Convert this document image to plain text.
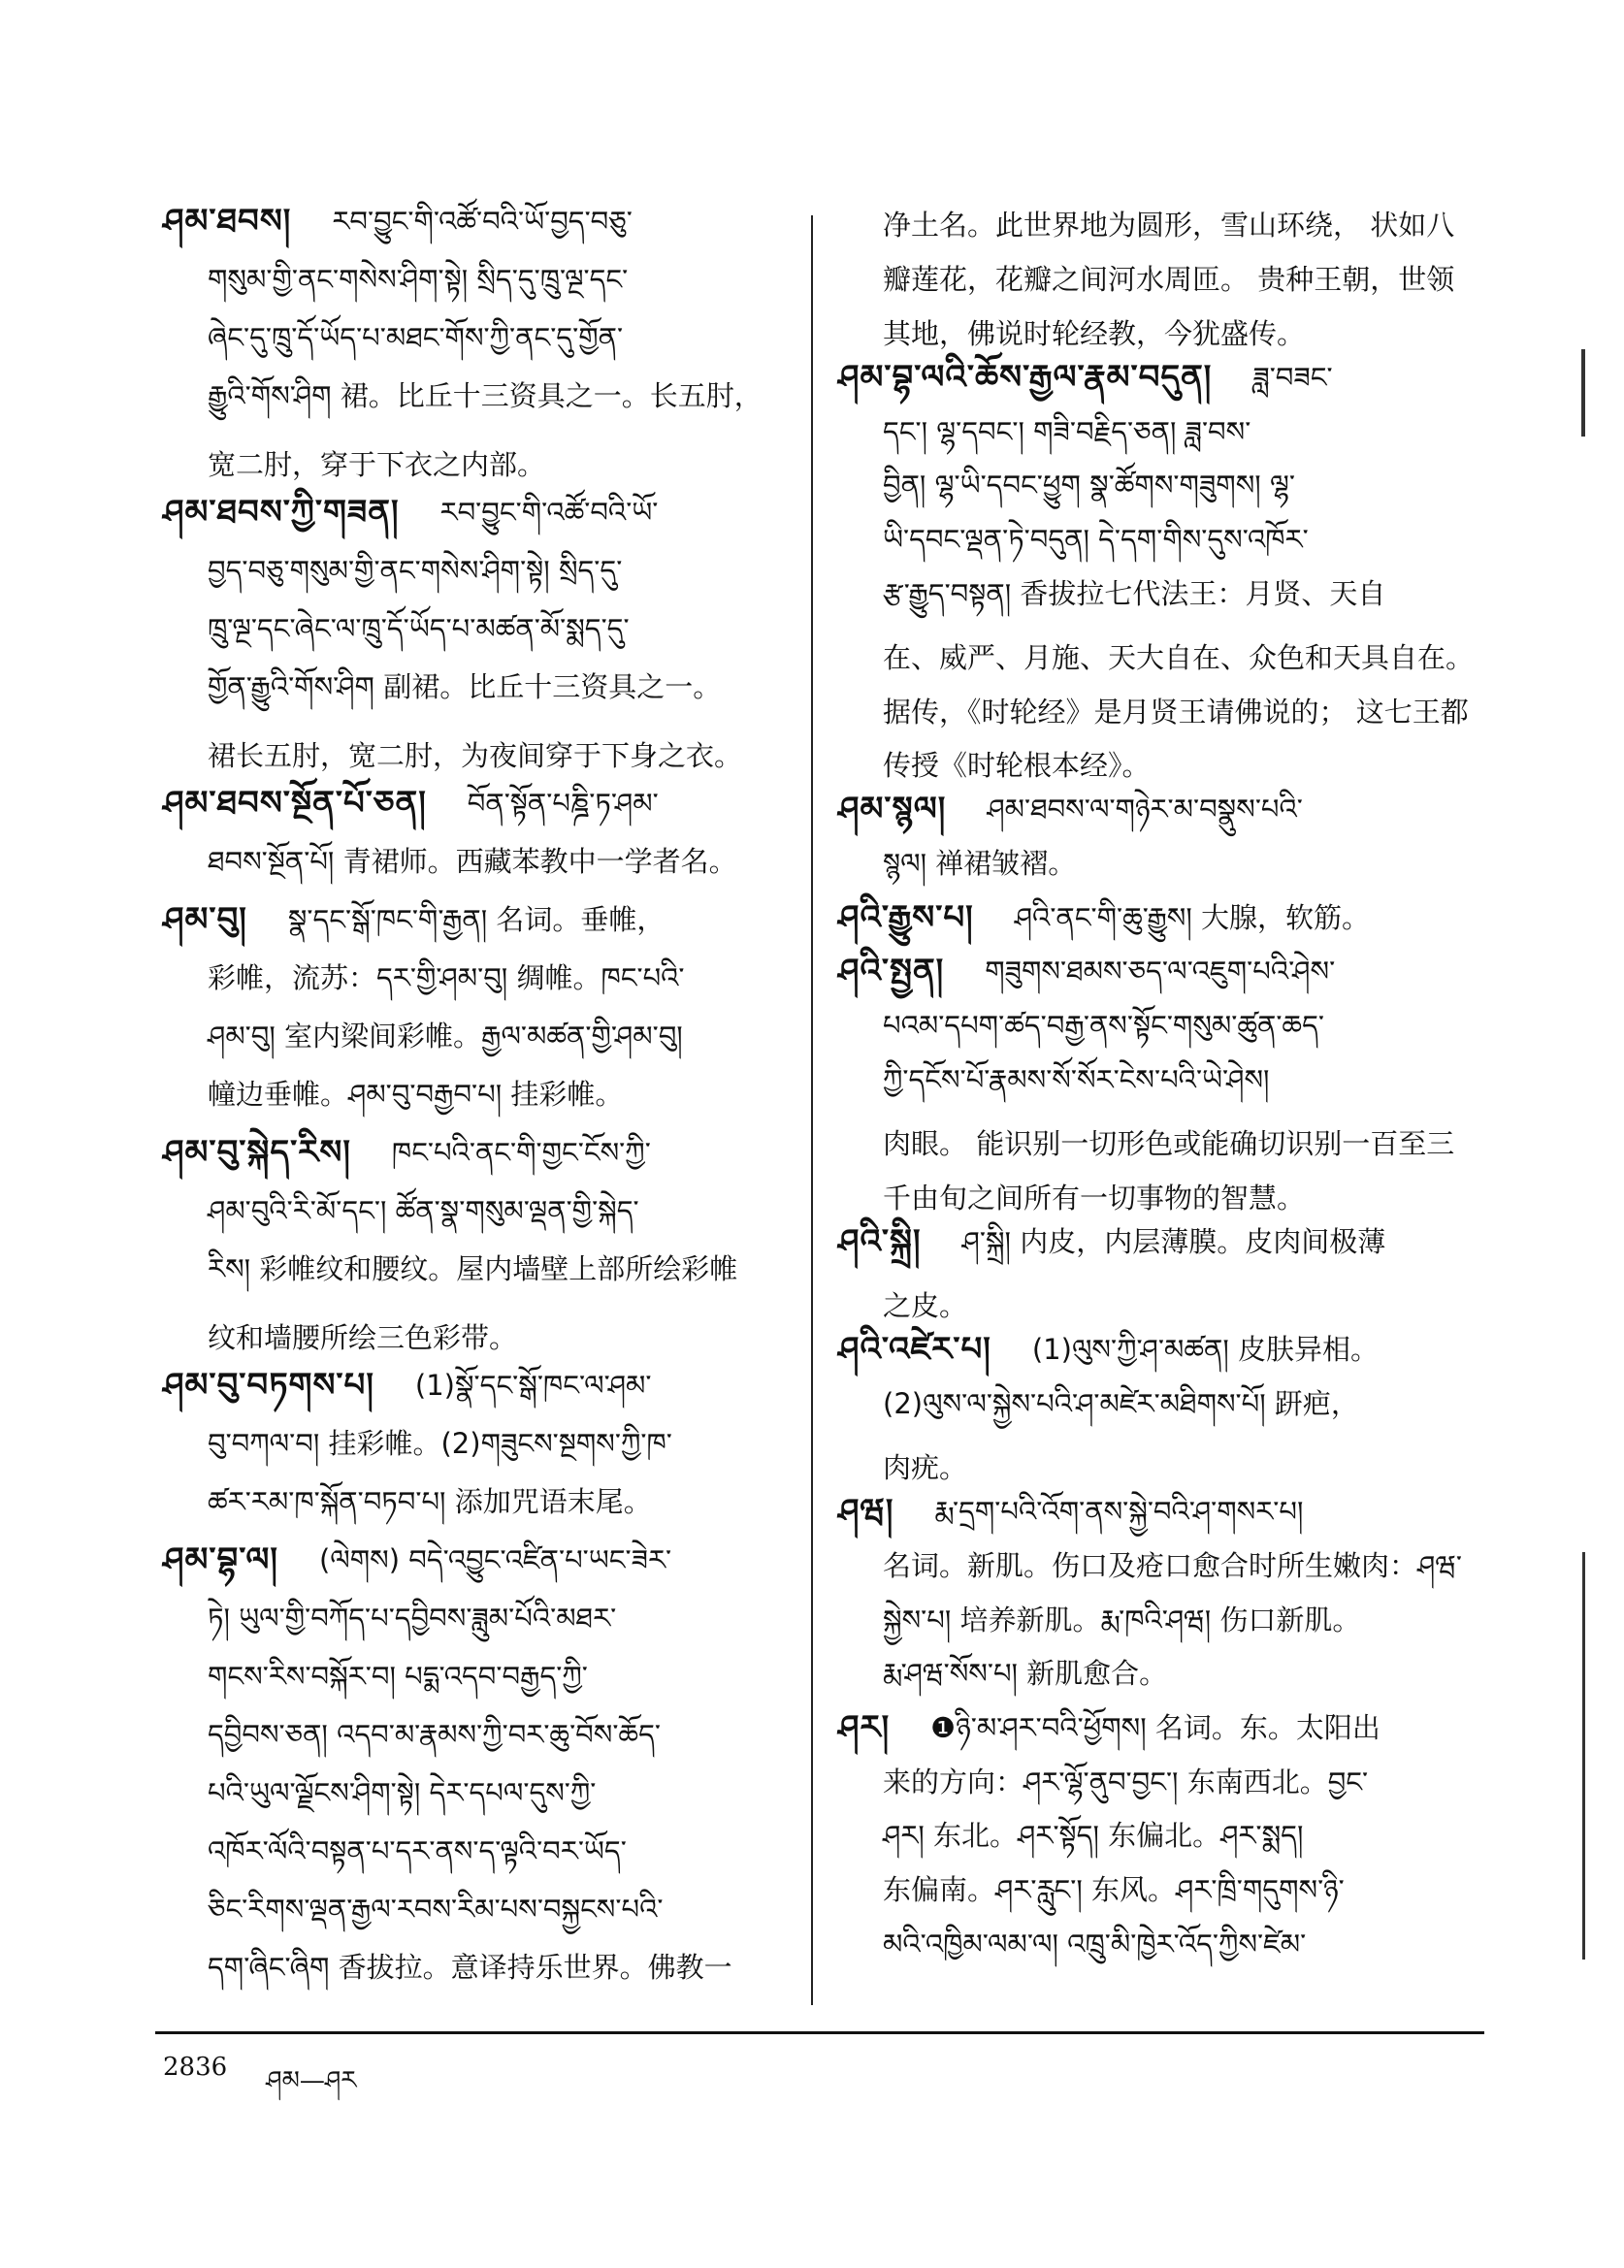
ཤམ་ཐབས། རབ་བྱུང་གི་འཚོ་བའི་ཡོ་བྱད་བཅུ་
གསུམ་གྱི་ནང་གསེས་ཤིག་སྟེ། སྲིད་དུ་ཁྲུ་ལྔ་དང་
ཞེང་དུ་ཁྲུ་དོ་ཡོད་པ་མཐང་གོས་ཀྱི་ནང་དུ་གྱོན་
རྒྱུའི་གོས་ཤིག 裙。比丘十三资具之一。长五肘，
宽二肘，穿于下衣之内部。
ཤམ་ཐབས་ཀྱི་གཟན། རབ་བྱུང་གི་འཚོ་བའི་ཡོ་
བྱད་བཅུ་གསུམ་གྱི་ནང་གསེས་ཤིག་སྟེ། སྲིད་དུ་
ཁྲུ་ལྔ་དང་ཞེང་ལ་ཁྲུ་དོ་ཡོད་པ་མཚན་མོ་སྨད་དུ་
གྱོན་རྒྱུའི་གོས་ཤིག 副裙。比丘十三资具之一。
裙长五肘，宽二肘，为夜间穿于下身之衣。
ཤམ་ཐབས་སྔོན་པོ་ཅན། བོན་སྟོན་པཎྜི་ཏ་ཤམ་
ཐབས་སྔོན་པོ། 青裙师。西藏苯教中一学者名。
ཤམ་བུ། སྣ་དང་སྒོ་ཁང་གི་རྒྱན། 名词。垂帷，
彩帷，流苏：དར་གྱི་ཤམ་བུ། 绸帷。ཁང་པའི་
ཤམ་བུ། 室内梁间彩帷。རྒྱལ་མཚན་གྱི་ཤམ་བུ།
幢边垂帷。ཤམ་བུ་བརྒྱབ་པ། 挂彩帷。
ཤམ་བུ་སྐེད་རིས། ཁང་པའི་ནང་གི་གྱང་ངོས་ཀྱི་
ཤམ་བུའི་རི་མོ་དང་། ཚོན་སྣ་གསུམ་ལྡན་གྱི་སྐེད་
རིས། 彩帷纹和腰纹。屋内墙壁上部所绘彩帷
纹和墙腰所绘三色彩带。
ཤམ་བུ་བཏགས་པ། (1)སྣོ་དང་སྒོ་ཁང་ལ་ཤམ་
བུ་བཀལ་བ། 挂彩帷。(2)གཟུངས་སྔགས་ཀྱི་ཁ་
ཚར་རམ་ཁ་སྐོན་བཏབ་པ། 添加咒语末尾。
ཤམ་བྷ་ལ། (ལེགས) བདེ་འབྱུང་འཛིན་པ་ཡང་ཟེར་
ཏེ། ཡུལ་གྱི་བཀོད་པ་དབྱིབས་ཟླུམ་པོའི་མཐར་
གངས་རིས་བསྐོར་བ། པདྨ་འདབ་བརྒྱད་ཀྱི་
དབྱིབས་ཅན། འདབ་མ་རྣམས་ཀྱི་བར་ཆུ་བོས་ཆོད་
པའི་ཡུལ་ལྗོངས་ཤིག་སྟེ། དེར་དཔལ་དུས་ཀྱི་
འཁོར་ལོའི་བསྟན་པ་དར་ནས་ད་ལྟའི་བར་ཡོད་
ཅིང་རིགས་ལྡན་རྒྱལ་རབས་རིམ་པས་བསྐྱངས་པའི་
དག་ཞིང་ཞིག 香拔拉。意译持乐世界。佛教一
净土名。此世界地为圆形，雪山环绕， 状如八
瓣莲花，花瓣之间河水周匝。 贵种王朝，世领
其地，佛说时轮经教，今犹盛传。
ཤམ་བྷ་ལའི་ཆོས་རྒྱལ་རྣམ་བདུན། ཟླ་བཟང་
དང་། ལྷ་དབང་། གཟི་བརྗིད་ཅན། ཟླ་བས་
བྱིན། ལྷ་ཡི་དབང་ཕྱུག སྣ་ཚོགས་གཟུགས། ལྷ་
ཡི་དབང་ལྡན་ཏེ་བདུན། དེ་དག་གིས་དུས་འཁོར་
རྩ་རྒྱུད་བསྟན། 香拔拉七代法王：月贤、天自
在、威严、月施、天大自在、众色和天具自在。
据传，《时轮经》是月贤王请佛说的； 这七王都
传授《时轮根本经》。
ཤམ་སྙལ། ཤམ་ཐབས་ལ་གཉེར་མ་བསྣུས་པའི་
སྙལ། 禅裙皱褶。
ཤའི་རྒྱུས་པ། ཤའི་ནང་གི་ཆུ་རྒྱུས། 大腺，软筋。
ཤའི་སྤྱན། གཟུགས་ཐམས་ཅད་ལ་འཇུག་པའི་ཤེས་
པའམ་དཔག་ཚད་བརྒྱ་ནས་སྟོང་གསུམ་ཚུན་ཆད་
ཀྱི་དངོས་པོ་རྣམས་སོ་སོར་ངེས་པའི་ཡེ་ཤེས།
肉眼。 能识别一切形色或能确切识别一百至三
千由旬之间所有一切事物的智慧。
ཤའི་སྐྲི། ཤ་སྐྲི། 内皮，内层薄膜。皮肉间极薄
之皮。
ཤའི་འཛེར་པ། (1)ལུས་ཀྱི་ཤ་མཚན། 皮肤异相。
(2)ལུས་ལ་སྐྱེས་པའི་ཤ་མཛེར་མཐིགས་པོ། 趼疤，
肉疣。
ཤཝ། རྨ་དྲག་པའི་འོག་ནས་སྐྱེ་བའི་ཤ་གསར་པ།
名词。新肌。伤口及疮口愈合时所生嫩肉：ཤཝ་
སྐྱེས་པ། 培养新肌。རྨ་ཁའི་ཤཝ། 伤口新肌。
རྨ་ཤཝ་སོས་པ། 新肌愈合。
ཤར། ❶ཉི་མ་ཤར་བའི་ཕྱོགས། 名词。东。太阳出
来的方向：ཤར་ལྷོ་ནུབ་བྱང་། 东南西北。བྱང་
ཤར། 东北。ཤར་སྟོད། 东偏北。ཤར་སྨད།
东偏南。ཤར་རླུང་། 东风。ཤར་ཁྲི་གདུགས་ཉི་
མའི་འཁྱིམ་ལམ་ལ། འཁྲུ་མི་ཁྱེར་འོད་ཀྱིས་ཛེམ་
2836 ཤམ—ཤར
